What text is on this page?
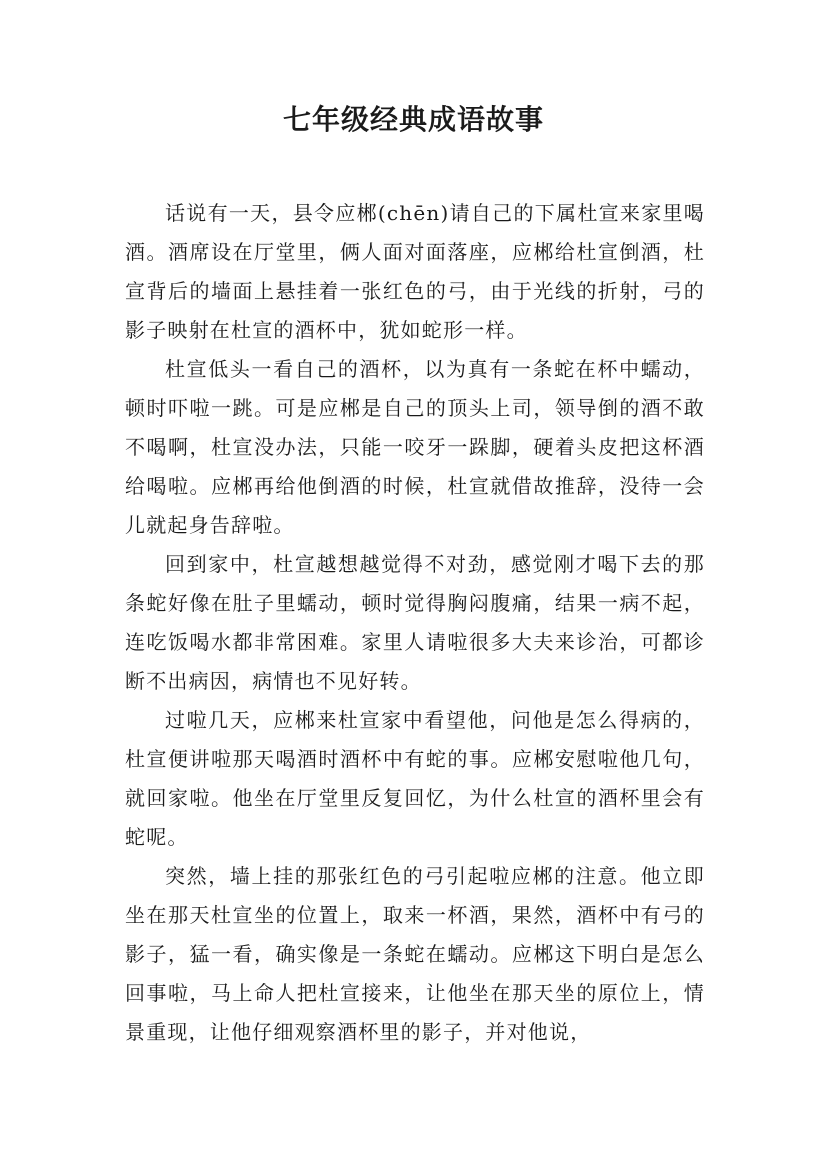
七年级经典成语故事

话说有一天，县令应郴(chēn)请自己的下属杜宣来家里喝酒。酒席设在厅堂里，俩人面对面落座，应郴给杜宣倒酒，杜宣背后的墙面上悬挂着一张红色的弓，由于光线的折射，弓的影子映射在杜宣的酒杯中，犹如蛇形一样。

杜宣低头一看自己的酒杯，以为真有一条蛇在杯中蠕动，顿时吓啦一跳。可是应郴是自己的顶头上司，领导倒的酒不敢不喝啊，杜宣没办法，只能一咬牙一跺脚，硬着头皮把这杯酒给喝啦。应郴再给他倒酒的时候，杜宣就借故推辞，没待一会儿就起身告辞啦。

回到家中，杜宣越想越觉得不对劲，感觉刚才喝下去的那条蛇好像在肚子里蠕动，顿时觉得胸闷腹痛，结果一病不起，连吃饭喝水都非常困难。家里人请啦很多大夫来诊治，可都诊断不出病因，病情也不见好转。

过啦几天，应郴来杜宣家中看望他，问他是怎么得病的，杜宣便讲啦那天喝酒时酒杯中有蛇的事。应郴安慰啦他几句，就回家啦。他坐在厅堂里反复回忆，为什么杜宣的酒杯里会有蛇呢。

突然，墙上挂的那张红色的弓引起啦应郴的注意。他立即坐在那天杜宣坐的位置上，取来一杯酒，果然，酒杯中有弓的影子，猛一看，确实像是一条蛇在蠕动。应郴这下明白是怎么回事啦，马上命人把杜宣接来，让他坐在那天坐的原位上，情景重现，让他仔细观察酒杯里的影子，并对他说，
